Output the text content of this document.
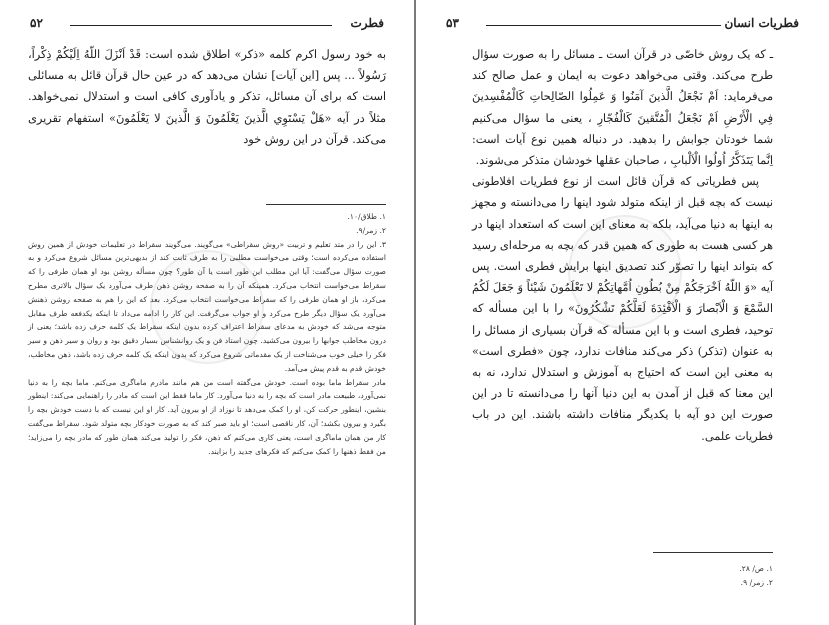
فطرت
۵۲

به خود رسول اکرم کلمه «ذکر» اطلاق شده است: قَدْ اَنْزَلَ اللّهُ اِلَيْكُمْ ذِكْراً، رَسُولاً ... پس [این آیات] نشان می‌دهد که در عین حال قرآن قائل به مسائلی است که برای آن مسائل، تذکر و یادآوری کافی است و استدلال نمی‌خواهد. مثلاً در آیه «هَلْ يَسْتَوِي الَّذينَ يَعْلَمُونَ وَ الَّذينَ لا يَعْلَمُونَ» استفهام تقریری می‌کند. قرآن در این روش خود

۱. طلاق/۱۰.

۲. زمر/۹.

۳. این را در متد تعلیم و تربیت «روش سقراطی» می‌گویند. می‌گویند سقراط در تعلیمات خودش از همین روش استفاده می‌کرده است؛ وقتی می‌خواست مطلبی را به طرف ثابت کند از بدیهی‌ترین مسائل شروع می‌کرد و به صورت سؤال می‌گفت: آیا این مطلب این طور است یا آن طور؟ چون مسأله روشن بود او همان طرفی را که سقراط می‌خواست انتخاب می‌کرد. همینکه آن را به صفحه روشن ذهن طرف می‌آورد یک سؤال بالاتری مطرح می‌کرد، باز او همان طرفی را که سقراط می‌خواست انتخاب می‌کرد. بعد که این را هم به صفحه روشن ذهنش می‌آورد یک سؤال دیگر طرح می‌کرد و او جواب می‌گرفت. این کار را ادامه می‌داد تا اینکه یکدفعه طرف مقابل متوجه می‌شد که خودش به مدعای سقراط اعتراف کرده بدون اینکه سقراط یک کلمه حرف زده باشد؛ یعنی از درون مخاطب جوابها را بیرون می‌کشید. چون استاد فن و یک روانشناس بسیار دقیق بود و روان و سیر ذهن و سیر فکر را خیلی خوب می‌شناخت از یک مقدماتی شروع می‌کرد که بدون اینکه یک کلمه حرف زده باشد، ذهن مخاطب، خودش قدم به قدم پیش می‌آمد.

مادر سقراط ماما بوده است. خودش می‌گفته است من هم مانند مادرم ماماگری می‌کنم. ماما بچه را به دنیا نمی‌آورد، طبیعت مادر است که بچه را به دنیا می‌آورد. کار ماما فقط این است که مادر را راهنمایی می‌کند: اینطور بنشین، اینطور حرکت کن، او را کمک می‌دهد تا نوزاد از او بیرون آید. کار او این نیست که با دست خودش بچه را بگیرد و بیرون بکشد؛ آن، کار ناقصی است؛ او باید صبر کند که به صورت خودکار بچه متولد شود. سقراط می‌گفت کار من همان ماماگری است، یعنی کاری می‌کنم که ذهن، فکر را تولید می‌کند همان طور که مادر بچه را می‌زاید؛ من فقط ذهنها را کمک می‌کنم که فکرهای جدید را بزایند.

فطریات انسان
۵۳

ـ که یک روش خاصّی در قرآن است ـ مسائل را به صورت سؤال طرح می‌کند. وقتی می‌خواهد دعوت به ایمان و عمل صالح کند می‌فرماید: اَمْ نَجْعَلُ الَّذينَ آمَنُوا وَ عَمِلُوا الصّالِحاتِ كَالْمُفْسِدينَ فِي الْأَرْضِ اَمْ نَجْعَلُ الْمُتَّقينَ كَالْفُجّارِ ، یعنی ما سؤال می‌کنیم شما خودتان جوابش را بدهید. در دنباله همین نوع آیات است: اِنَّما يَتَذَكَّرُ اُولُوا الْاَلْبابِ ، صاحبان عقلها خودشان متذکر می‌شوند.

پس فطریاتی که قرآن قائل است از نوع فطریات افلاطونی نیست که بچه قبل از اینکه متولد شود اینها را می‌دانسته و مجهز به اینها به دنیا می‌آید، بلکه به معنای این است که استعداد اینها در هر کسی هست به طوری که همین قدر که بچه به مرحله‌ای رسید که بتواند اینها را تصوّر کند تصدیق اینها برایش فطری است. پس آیه «وَ اللّهُ اَخْرَجَكُمْ مِنْ بُطُونِ اُمَّهاتِكُمْ لا تَعْلَمُونَ شَيْئاً وَ جَعَلَ لَكُمُ السَّمْعَ وَ الْاَبْصارَ وَ الْاَفْئِدَةَ لَعَلَّكُمْ تَشْكُرُونَ» را با این مسأله که توحید، فطری است و با این مسأله که قرآن بسیاری از مسائل را به عنوان (تذکر) ذکر می‌کند منافات ندارد، چون «فطری است» به معنی این است که احتیاج به آموزش و استدلال ندارد، نه به این معنا که قبل از آمدن به این دنیا آنها را می‌دانسته تا در این صورت این دو آیه با یکدیگر منافات داشته باشند. این در باب فطریات علمی.

۱. ص/ ۲۸.

۲. زمر/ ۹.
